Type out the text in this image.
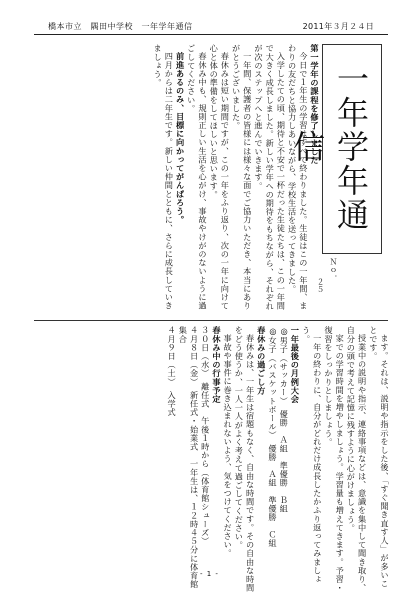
橋本市立　隅田中学校　一年学年通信	2011年３月２４日
一年学年通信
Ｎｏ．
２５

第一学年の課程を修了しました

今日で１年生の学習はすべて終わりました。生徒はこの一年間、まわりの友だちと協力しあいながら、学校生活を送ってきました。

入学したての頃、期待と不安で一杯だった生徒たちは、この一年間で大きく成長しました。新しい学年への期待をもちながら、それぞれが次のステップへと進んでいきます。

一年間、保護者の皆様には様々な面でご協力いただき、本当にありがとうございました。

春休みは短い期間ですが、この一年をふり返り、次の一年に向けて心と体の準備をしてほしいと思います。

春休み中も、規則正しい生活を心がけ、事故やけがのないように過ごしてください。

前進あるのみ、目標に向かってがんばろう。

四月からは二年生です。新しい仲間とともに、さらに成長していきましょう。

ます。それは、説明や指示をした後、「すぐ聞き直す人」が多いことです。

授業中の説明や指示、連絡事項などは、意識を集中して聞き取り、自分の頭で考えて記憶に残すように心がけましょう。

家での学習時間を増やしましょう。学習量も増えてきます。予習・復習をしっかりとしましょう。

一年の終わりに、自分がどれだけ成長したかふり返ってみましょう。

一年最後の月例大会

◎男子（サッカー）　優勝　Ａ組　準優勝　Ｂ組

◎女子（バスケットボール）　優勝　Ａ組　準優勝　Ｃ組

春休みの過ごし方

春休みは、一年生は宿題もなく、自由な時間です。その自由な時間をどう使うか、一人一人がよく考えて過ごしてください。

事故や事件に巻き込まれないよう、気をつけてください。

春休み中の行事予定

３０日（水）　離任式　午後１時から（体育館シューズ）

４月８日（金）　新任式・始業式　一年生は、１２時４５分に体育館集合

４月９日（土）　入学式

- 1 -
